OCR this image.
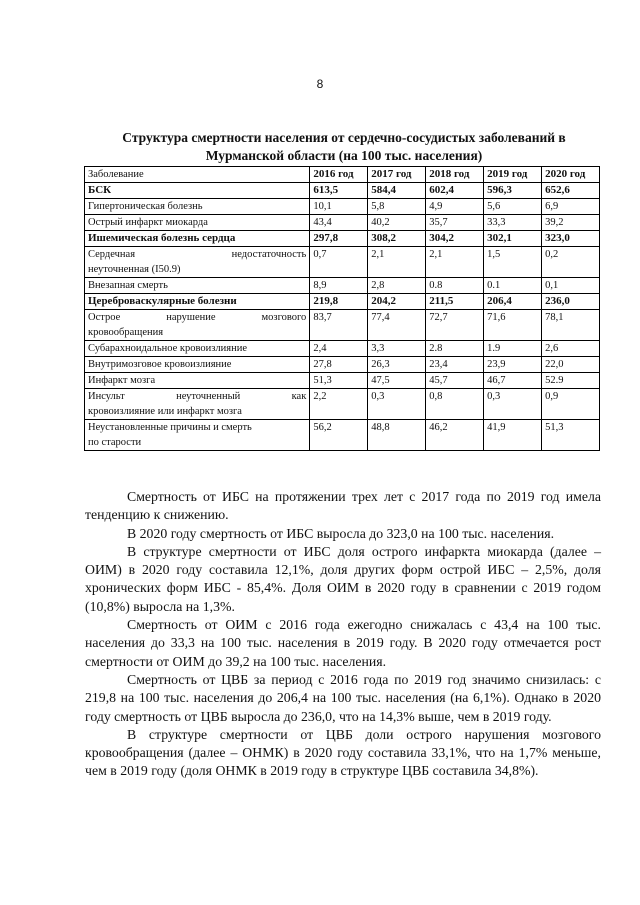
8
Структура смертности населения от сердечно-сосудистых заболеваний в
Мурманской области (на 100 тыс. населения)
Заболевание	2016 год	2017 год	2018 год	2019 год	2020 год
БСК	613,5	584,4	602,4	596,3	652,6
Гипертоническая болезнь	10,1	5,8	4,9	5,6	6,9
Острый инфаркт миокарда	43,4	40,2	35,7	33,3	39,2
Ишемическая болезнь сердца	297,8	308,2	304,2	302,1	323,0

Сердечная недостаточность
неуточненная (I50.9)	0,7	2,1	2,1	1,5	0,2
Внезапная смерть	8,9	2,8	0.8	0.1	0,1
Цереброваскулярные болезни	219,8	204,2	211,5	206,4	236,0

Острое нарушение мозгового
кровообращения	83,7	77,4	72,7	71,6	78,1
Субарахноидальное кровоизлияние	2,4	3,3	2.8	1.9	2,6
Внутримозговое кровоизлияние	27,8	26,3	23,4	23,9	22,0
Инфаркт мозга	51,3	47,5	45,7	46,7	52.9

Инсульт неуточненный как
кровоизлияние или инфаркт мозга	2,2	0,3	0,8	0,3	0,9

Неустановленные причины и смерть
по старости	56,2	48,8	46,2	41,9	51,3

Смертность от ИБС на протяжении трех лет с 2017 года по 2019 год имела тенденцию к снижению.

В 2020 году смертность от ИБС выросла до 323,0 на 100 тыс. населения.

В структуре смертности от ИБС доля острого инфаркта миокарда (далее – ОИМ) в 2020 году составила 12,1%, доля других форм острой ИБС – 2,5%, доля хронических форм ИБС - 85,4%. Доля ОИМ в 2020 году в сравнении с 2019 годом (10,8%) выросла на 1,3%.

Смертность от ОИМ с 2016 года ежегодно снижалась с 43,4 на 100 тыс. населения до 33,3 на 100 тыс. населения в 2019 году. В 2020 году отмечается рост смертности от ОИМ до 39,2 на 100 тыс. населения.

Смертность от ЦВБ за период с 2016 года по 2019 год значимо снизилась: с 219,8 на 100 тыс. населения до 206,4 на 100 тыс. населения (на 6,1%). Однако в 2020 году смертность от ЦВБ выросла до 236,0, что на 14,3% выше, чем в 2019 году.

В структуре смертности от ЦВБ доли острого нарушения мозгового кровообращения (далее – ОНМК) в 2020 году составила 33,1%, что на 1,7% меньше, чем в 2019 году (доля ОНМК в 2019 году в структуре ЦВБ составила 34,8%).
